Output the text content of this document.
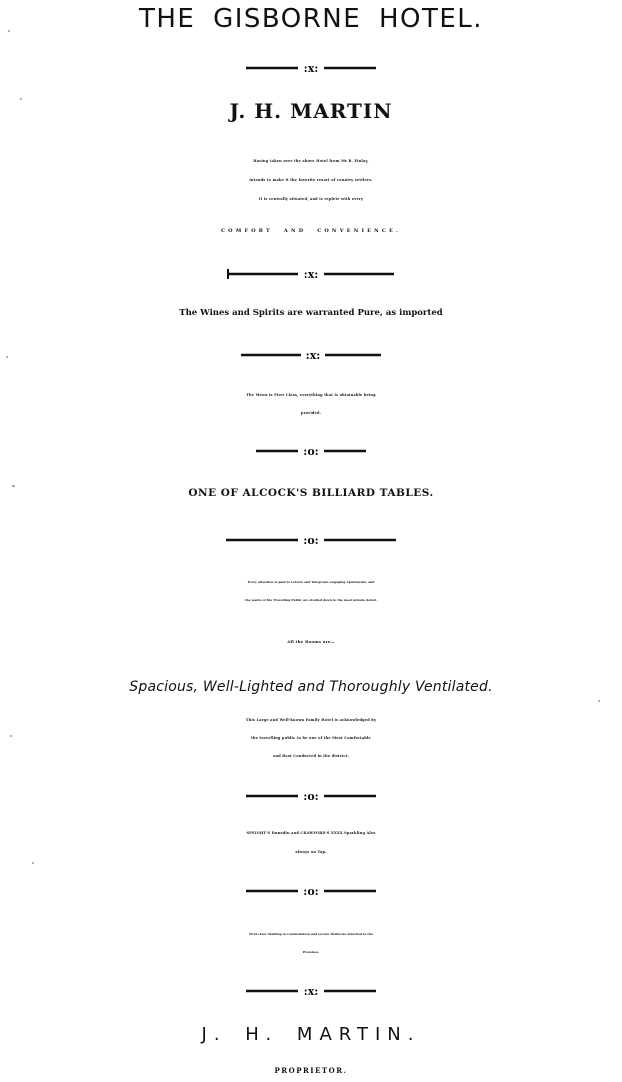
THE GISBORNE HOTEL.
:x:
J. H. MARTIN
Having taken over the above Hotel from Mr R. Finlay,
intends to make it the favorite resort of country settlers.
It is centrally situated, and is replete with every
COMFORT AND CONVENIENCE.
:x:
The Wines and Spirits are warranted Pure, as imported
:x:
The Menu is First Class, everything that is obtainable being
provided.
:o:
ONE OF ALCOCK'S BILLIARD TABLES.
:o:
Every attention is paid to Letters and Telegrams engaging Apartments, and
the wants of the Travelling Public are studied down to the most minute detail.
All the Rooms are—
Spacious, Well-Lighted and Thoroughly Ventilated.
This Large and Well-known Family Hotel is acknowledged by
the travelling public to be one of the Most Comfortable
and Best Conducted in the district.
:o:
SPEIGHT'S Dunedin and CRAWFORD'S XXXX Sparkling Ales
always on Tap.
:o:
First-class Stabling Accommodation and secure Paddocks attached to the
Premises.
:x:
J. H. MARTIN.
PROPRIETOR.
